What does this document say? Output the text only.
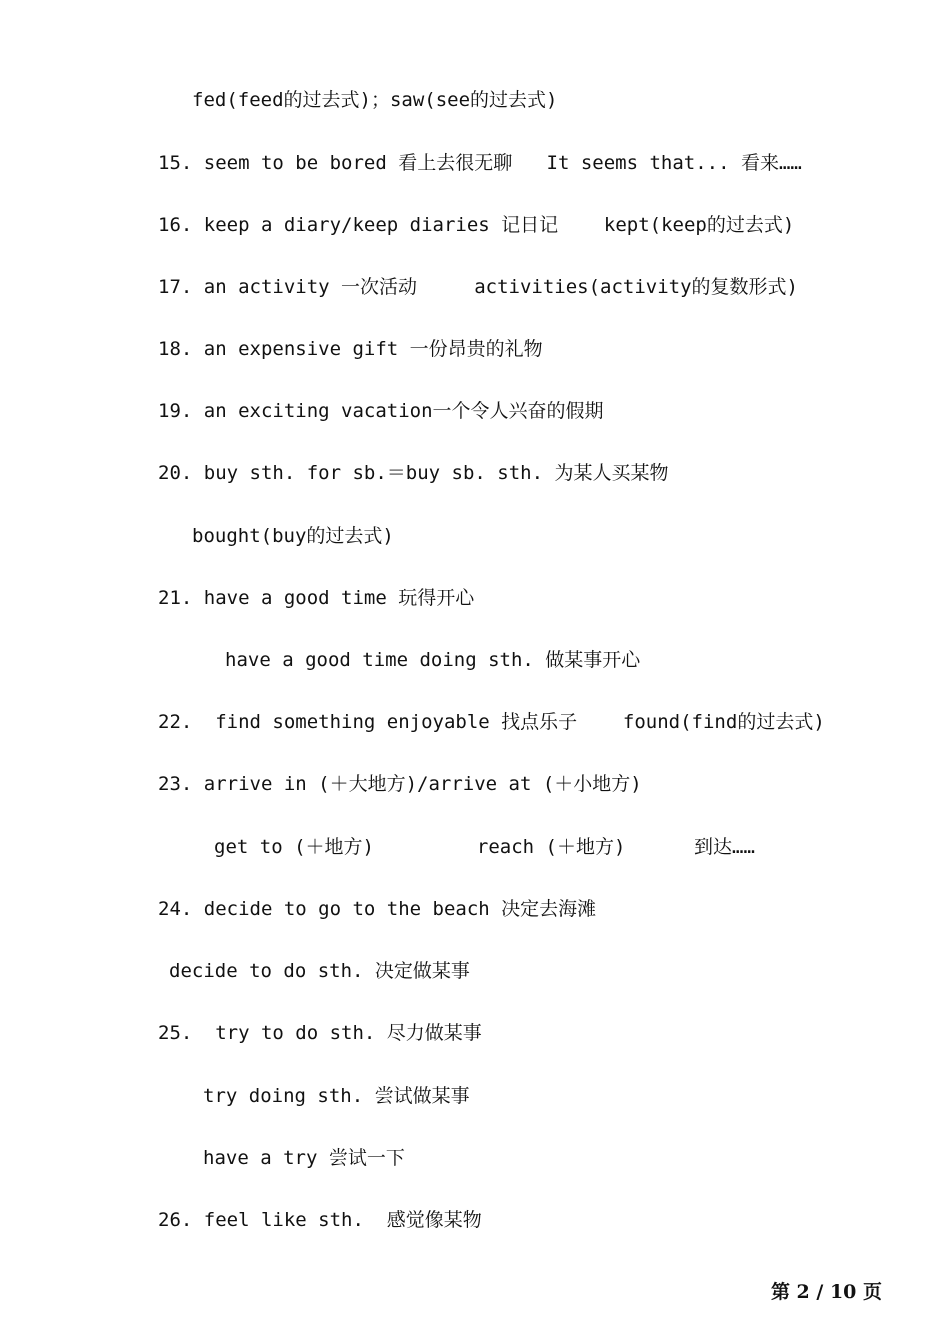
fed(feed的过去式)；saw(see的过去式)
15. seem to be bored 看上去很无聊   It seems that... 看来……
16. keep a diary/keep diaries 记日记    kept(keep的过去式)
17. an activity 一次活动     activities(activity的复数形式)
18. an expensive gift 一份昂贵的礼物
19. an exciting vacation一个令人兴奋的假期
20. buy sth. for sb.＝buy sb. sth. 为某人买某物
bought(buy的过去式)
21. have a good time 玩得开心
have a good time doing sth. 做某事开心
22.  find something enjoyable 找点乐子    found(find的过去式)
23. arrive in (＋大地方)/arrive at (＋小地方)
get to (＋地方)         reach (＋地方)      到达……
24. decide to go to the beach 决定去海滩
decide to do sth. 决定做某事
25.  try to do sth. 尽力做某事
try doing sth. 尝试做某事
have a try 尝试一下
26. feel like sth.  感觉像某物
第 2 / 10 页
